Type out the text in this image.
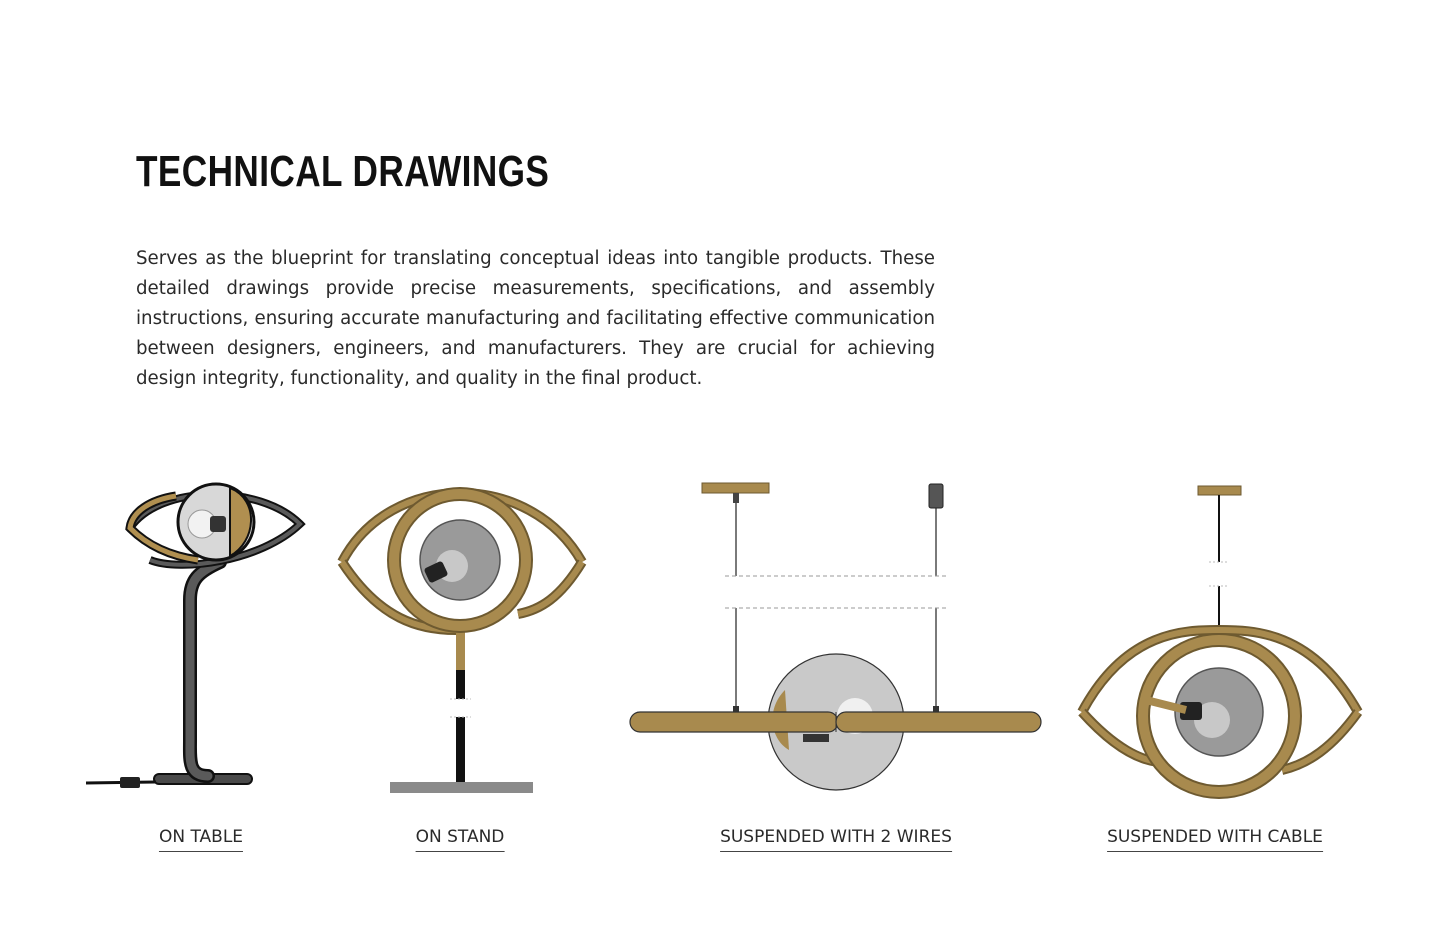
TECHNICAL DRAWINGS

Serves as the blueprint for translating conceptual ideas into tangible products. These detailed drawings provide precise measurements, specifications, and assembly instructions, ensuring accurate manufacturing and facilitating effective communication between designers, engineers, and manufacturers. They are crucial for achieving design integrity, functionality, and quality in the final product.

ON TABLE	ON STAND	SUSPENDED WITH 2 WIRES	SUSPENDED WITH CABLE
